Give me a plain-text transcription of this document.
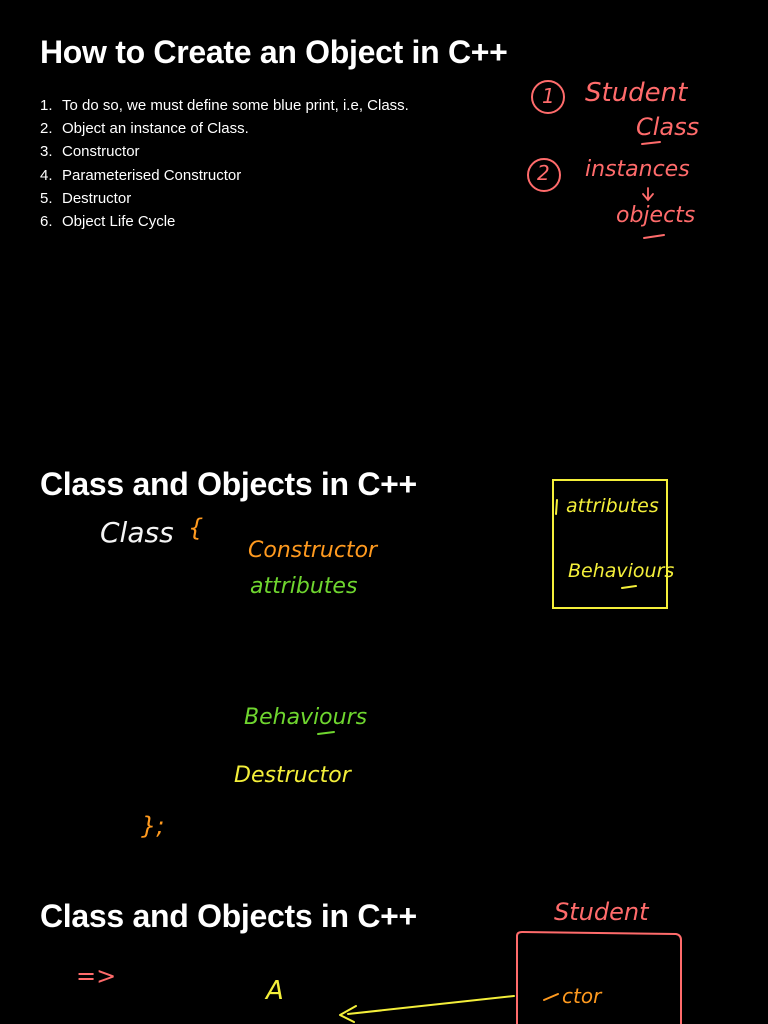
How to Create an Object in C++
1. To do so, we must define some blue print, i.e, Class.
2. Object an instance of Class.
3. Constructor
4. Parameterised Constructor
5. Destructor
6. Object Life Cycle
1 Student
Class
2 instances
objects
Class and Objects in C++
Class {
Constructor
attributes
Behaviours
Destructor
};
attributes
Behaviours
Class and Objects in C++
=>	A
Student
ctor
